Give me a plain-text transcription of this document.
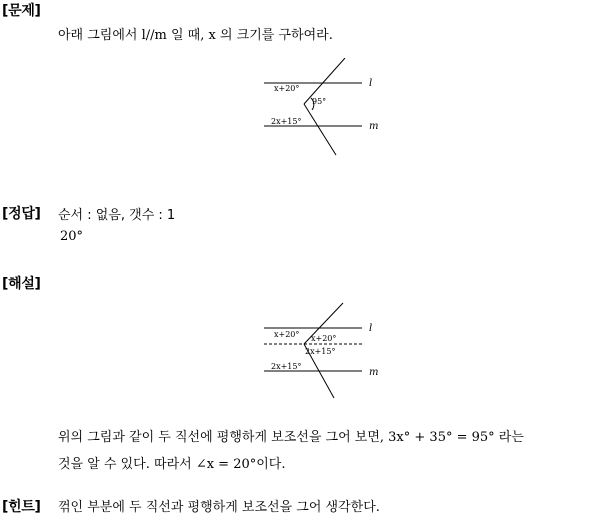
[문제]
아래 그림에서 l//m 일 때, x 의 크기를 구하여라.
x+20°
95°
2x+15°
l
m
[정답] 순서 : 없음, 갯수 : 1
20°
[해설]
x+20° x+20°
2x+15°
2x+15°
l
m
위의 그림과 같이 두 직선에 평행하게 보조선을 그어 보면, 3x° + 35° = 95° 라는
것을 알 수 있다. 따라서 ∠x = 20°이다.
[힌트] 꺾인 부분에 두 직선과 평행하게 보조선을 그어 생각한다.
